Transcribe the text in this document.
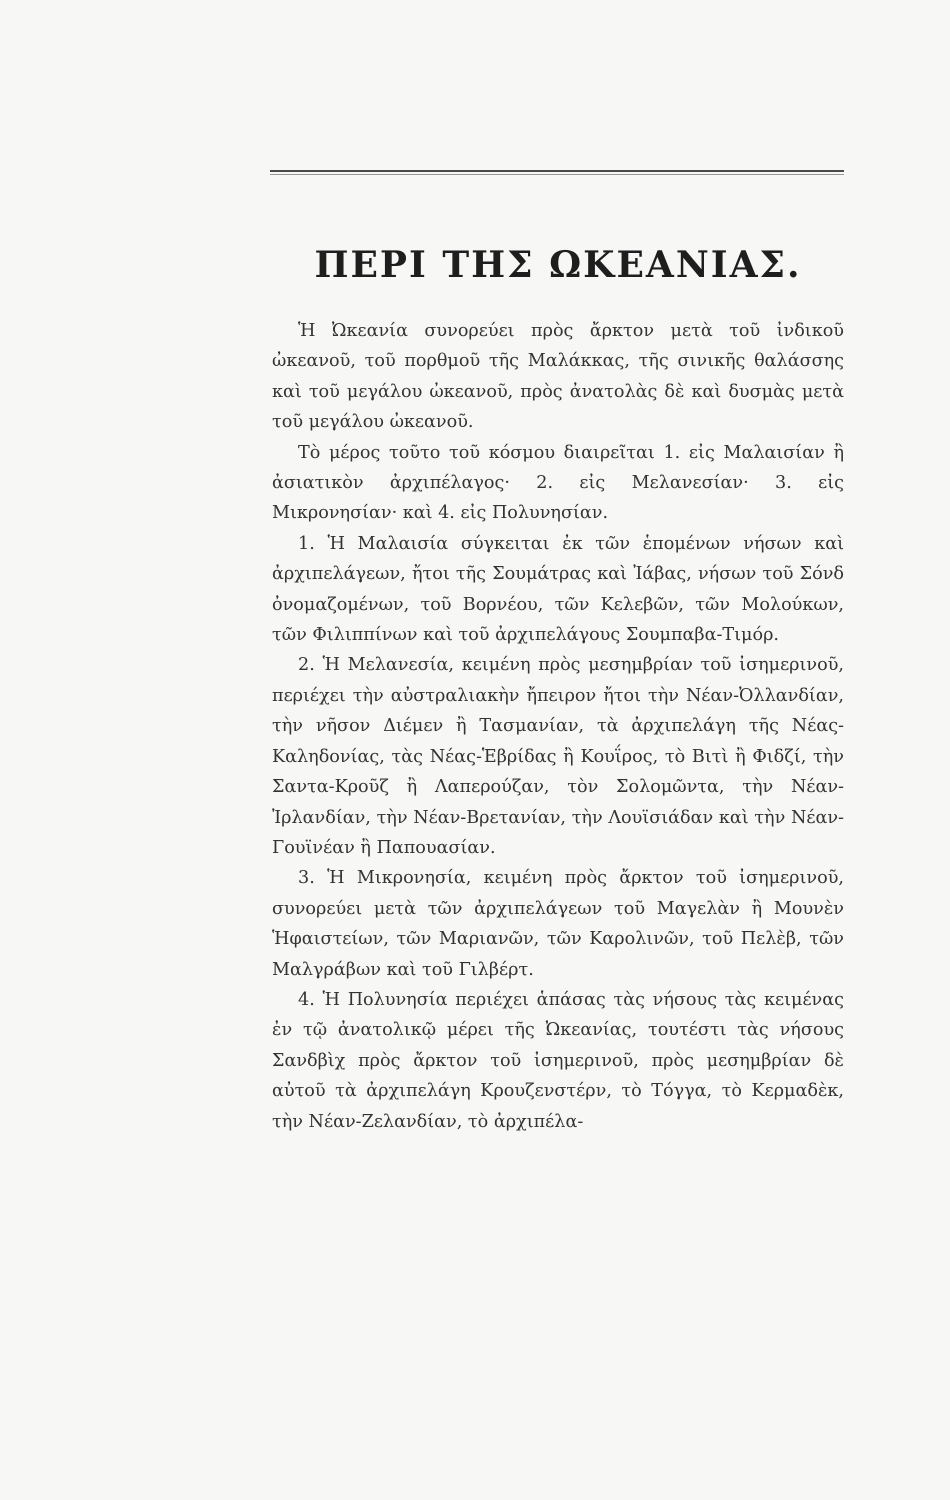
ΠΕΡΙ ΤΗΣ ΩΚΕΑΝΙΑΣ.

Ἡ Ὠκεανία συνορεύει πρὸς ἄρκτον μετὰ τοῦ ἰνδικοῦ ὠκεανοῦ, τοῦ πορθμοῦ τῆς Μαλάκκας, τῆς σινικῆς θαλάσσης καὶ τοῦ μεγάλου ὠκεανοῦ, πρὸς ἀνατολὰς δὲ καὶ δυσμὰς μετὰ τοῦ μεγάλου ὠκεανοῦ.

Τὸ μέρος τοῦτο τοῦ κόσμου διαιρεῖται 1. εἰς Μαλαισίαν ἢ ἀσιατικὸν ἀρχιπέλαγος· 2. εἰς Μελανεσίαν· 3. εἰς Μικρονησίαν· καὶ 4. εἰς Πολυνησίαν.

1. Ἡ Μαλαισία σύγκειται ἐκ τῶν ἑπομένων νήσων καὶ ἀρχιπελάγεων, ἤτοι τῆς Σουμάτρας καὶ Ἰάβας, νήσων τοῦ Σόνδ ὀνομαζομένων, τοῦ Βορνέου, τῶν Κελεβῶν, τῶν Μολούκων, τῶν Φιλιππίνων καὶ τοῦ ἀρχιπελάγους Σουμπαβα-Τιμόρ.

2. Ἡ Μελανεσία, κειμένη πρὸς μεσημβρίαν τοῦ ἰσημερινοῦ, περιέχει τὴν αὐστραλιακὴν ἤπειρον ἤτοι τὴν Νέαν-Ὀλλανδίαν, τὴν νῆσον Διέμεν ἢ Τασμανίαν, τὰ ἀρχιπελάγη τῆς Νέας-Καληδονίας, τὰς Νέας-Ἑβρίδας ἢ Κουΐρος, τὸ Βιτὶ ἢ Φιδζί, τὴν Σαντα-Κροῦζ ἢ Λαπερούζαν, τὸν Σολομῶντα, τὴν Νέαν-Ἰρλανδίαν, τὴν Νέαν-Βρετανίαν, τὴν Λουϊσιάδαν καὶ τὴν Νέαν-Γουϊνέαν ἢ Παπουασίαν.

3. Ἡ Μικρονησία, κειμένη πρὸς ἄρκτον τοῦ ἰσημερινοῦ, συνορεύει μετὰ τῶν ἀρχιπελάγεων τοῦ Μαγελὰν ἢ Μουνὲν Ἡφαιστείων, τῶν Μαριανῶν, τῶν Καρολινῶν, τοῦ Πελὲβ, τῶν Μαλγράβων καὶ τοῦ Γιλβέρτ.

4. Ἡ Πολυνησία περιέχει ἁπάσας τὰς νήσους τὰς κειμένας ἐν τῷ ἀνατολικῷ μέρει τῆς Ὠκεανίας, τουτέστι τὰς νήσους Σανδβὶχ πρὸς ἄρκτον τοῦ ἰσημερινοῦ, πρὸς μεσημβρίαν δὲ αὐτοῦ τὰ ἀρχιπελάγη Κρουζενστέρν, τὸ Τόγγα, τὸ Κερμαδὲκ, τὴν Νέαν-Ζελανδίαν, τὸ ἀρχιπέλα-
